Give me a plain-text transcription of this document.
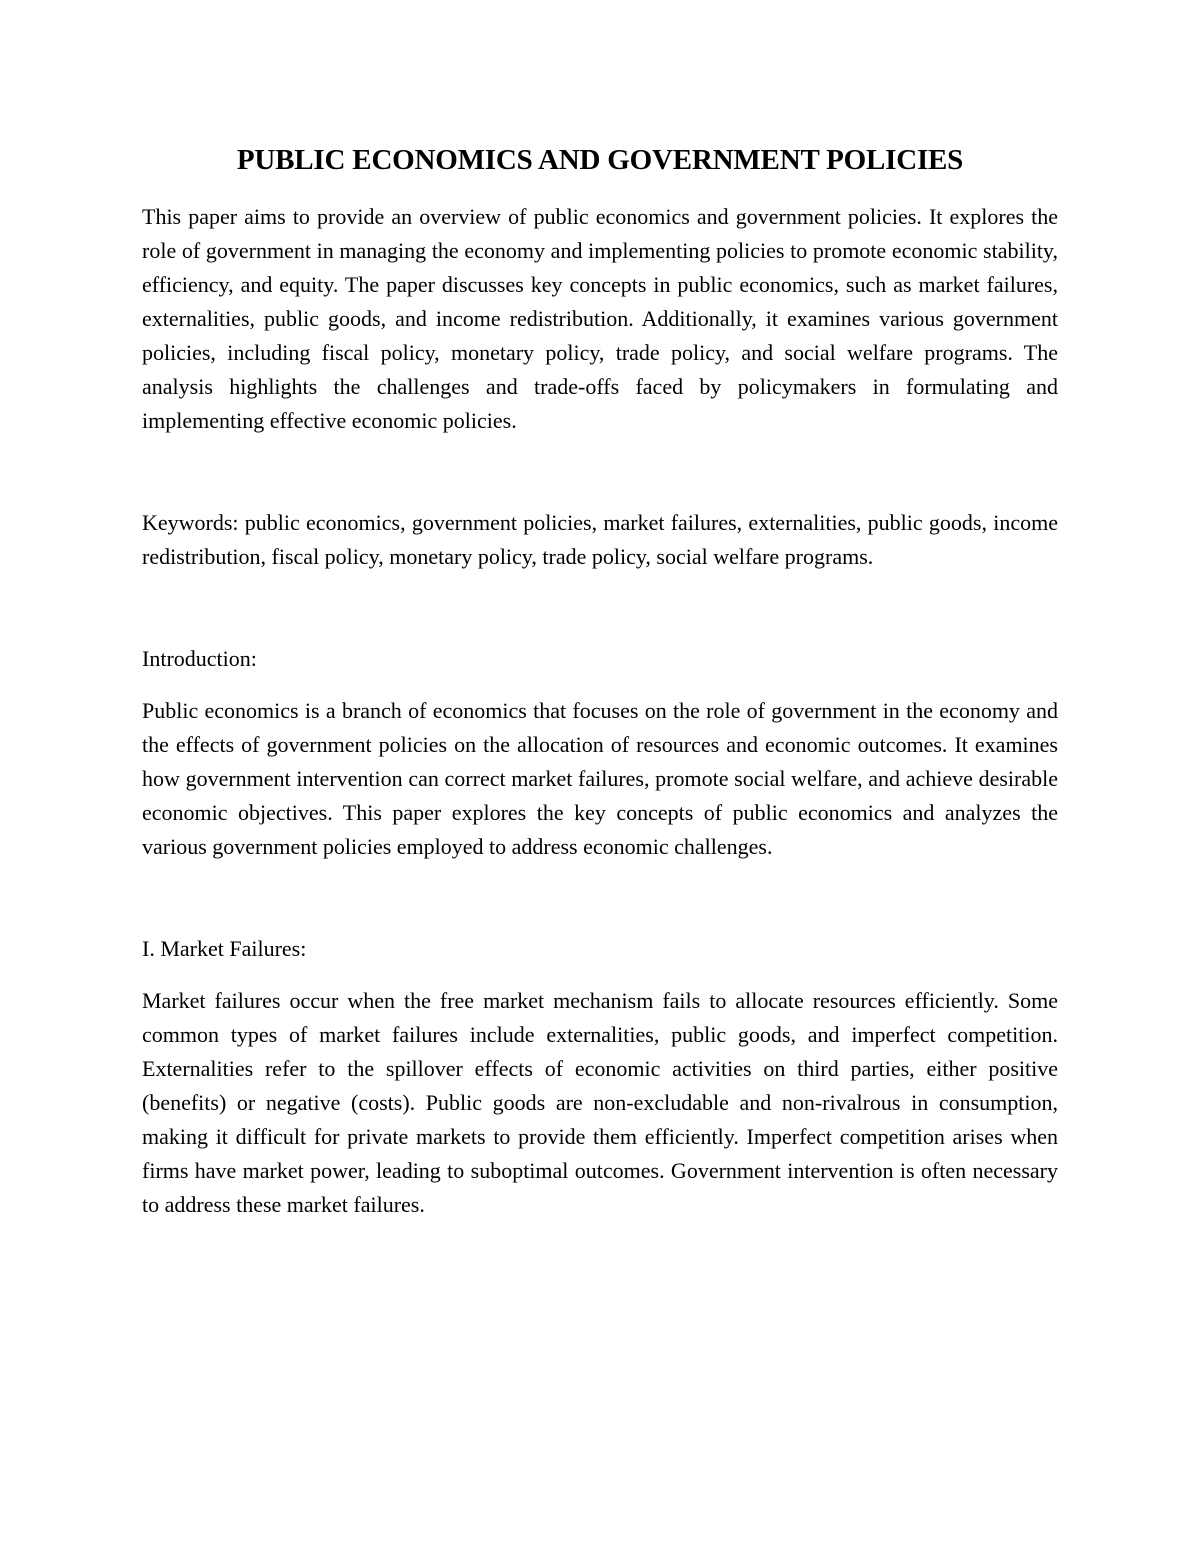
PUBLIC ECONOMICS AND GOVERNMENT POLICIES

This paper aims to provide an overview of public economics and government policies. It explores the role of government in managing the economy and implementing policies to promote economic stability, efficiency, and equity. The paper discusses key concepts in public economics, such as market failures, externalities, public goods, and income redistribution. Additionally, it examines various government policies, including fiscal policy, monetary policy, trade policy, and social welfare programs. The analysis highlights the challenges and trade-offs faced by policymakers in formulating and implementing effective economic policies.

Keywords: public economics, government policies, market failures, externalities, public goods, income redistribution, fiscal policy, monetary policy, trade policy, social welfare programs.

Introduction:

Public economics is a branch of economics that focuses on the role of government in the economy and the effects of government policies on the allocation of resources and economic outcomes. It examines how government intervention can correct market failures, promote social welfare, and achieve desirable economic objectives. This paper explores the key concepts of public economics and analyzes the various government policies employed to address economic challenges.

I. Market Failures:

Market failures occur when the free market mechanism fails to allocate resources efficiently. Some common types of market failures include externalities, public goods, and imperfect competition. Externalities refer to the spillover effects of economic activities on third parties, either positive (benefits) or negative (costs). Public goods are non-excludable and non-rivalrous in consumption, making it difficult for private markets to provide them efficiently. Imperfect competition arises when firms have market power, leading to suboptimal outcomes. Government intervention is often necessary to address these market failures.
